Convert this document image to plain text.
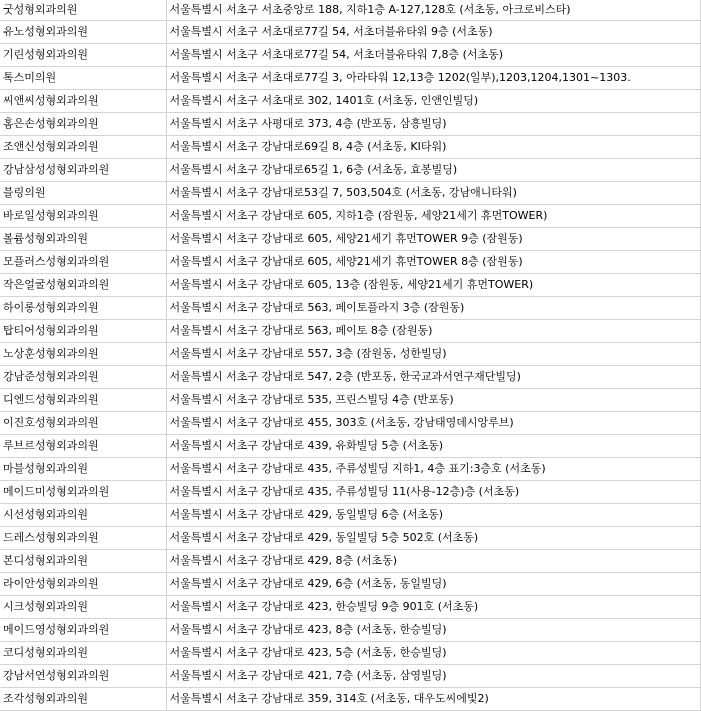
굿성형외과의원	서울특별시 서초구 서초중앙로 188, 지하1층 A-127,128호 (서초동, 아크로비스타)
유노성형외과의원	서울특별시 서초구 서초대로77길 54, 서초더블유타워 9층 (서초동)
기린성형외과의원	서울특별시 서초구 서초대로77길 54, 서초더블유타워 7,8층 (서초동)
톡스미의원	서울특별시 서초구 서초대로77길 3, 아라타워 12,13층 1202(일부),1203,1204,1301~1303.
씨앤씨성형외과의원	서울특별시 서초구 서초대로 302, 1401호 (서초동, 인앤인빌딩)
홈은손성형외과의원	서울특별시 서초구 사평대로 373, 4층 (반포동, 삼흥빌딩)
조앤신성형외과의원	서울특별시 서초구 강남대로69길 8, 4층 (서초동, KI타워)
강남삼성성형외과의원	서울특별시 서초구 강남대로65길 1, 6층 (서초동, 효봉빌딩)
블링의원	서울특별시 서초구 강남대로53길 7, 503,504호 (서초동, 강남애니타워)
바로일성형외과의원	서울특별시 서초구 강남대로 605, 지하1층 (잠원동, 세양21세기 휴먼TOWER)
볼륨성형외과의원	서울특별시 서초구 강남대로 605, 세양21세기 휴먼TOWER 9층 (잠원동)
모플러스성형외과의원	서울특별시 서초구 강남대로 605, 세양21세기 휴먼TOWER 8층 (잠원동)
작은얼굴성형외과의원	서울특별시 서초구 강남대로 605, 13층 (잠원동, 세양21세기 휴먼TOWER)
하이롱성형외과의원	서울특별시 서초구 강남대로 563, 페이토플라지 3층 (잠원동)
탑티어성형외과의원	서울특별시 서초구 강남대로 563, 페이토 8층 (잠원동)
노상훈성형외과의원	서울특별시 서초구 강남대로 557, 3층 (잠원동, 성한빌딩)
강남준성형외과의원	서울특별시 서초구 강남대로 547, 2층 (반포동, 한국교과서연구재단빌딩)
디엔드성형외과의원	서울특별시 서초구 강남대로 535, 프린스빌딩 4층 (반포동)
이진호성형외과의원	서울특별시 서초구 강남대로 455, 303호 (서초동, 강남태영데시앙루브)
루브르성형외과의원	서울특별시 서초구 강남대로 439, 유화빌딩 5층 (서초동)
마블성형외과의원	서울특별시 서초구 강남대로 435, 주류성빌딩 지하1, 4층 표기:3층호 (서초동)
메이드미성형외과의원	서울특별시 서초구 강남대로 435, 주류성빌딩 11(사용-12층)층 (서초동)
시선성형외과의원	서울특별시 서초구 강남대로 429, 동일빌딩 6층 (서초동)
드레스성형외과의원	서울특별시 서초구 강남대로 429, 동일빌딩 5층 502호 (서초동)
본디성형외과의원	서울특별시 서초구 강남대로 429, 8층 (서초동)
라이안성형외과의원	서울특별시 서초구 강남대로 429, 6층 (서초동, 동일빌딩)
시크성형외과의원	서울특별시 서초구 강남대로 423, 한승빌딩 9층 901호 (서초동)
메이드영성형외과의원	서울특별시 서초구 강남대로 423, 8층 (서초동, 한승빌딩)
코디성형외과의원	서울특별시 서초구 강남대로 423, 5층 (서초동, 한승빌딩)
강남서연성형외과의원	서울특별시 서초구 강남대로 421, 7층 (서초동, 삼영빌딩)
조각성형외과의원	서울특별시 서초구 강남대로 359, 314호 (서초동, 대우도씨에빛2)
